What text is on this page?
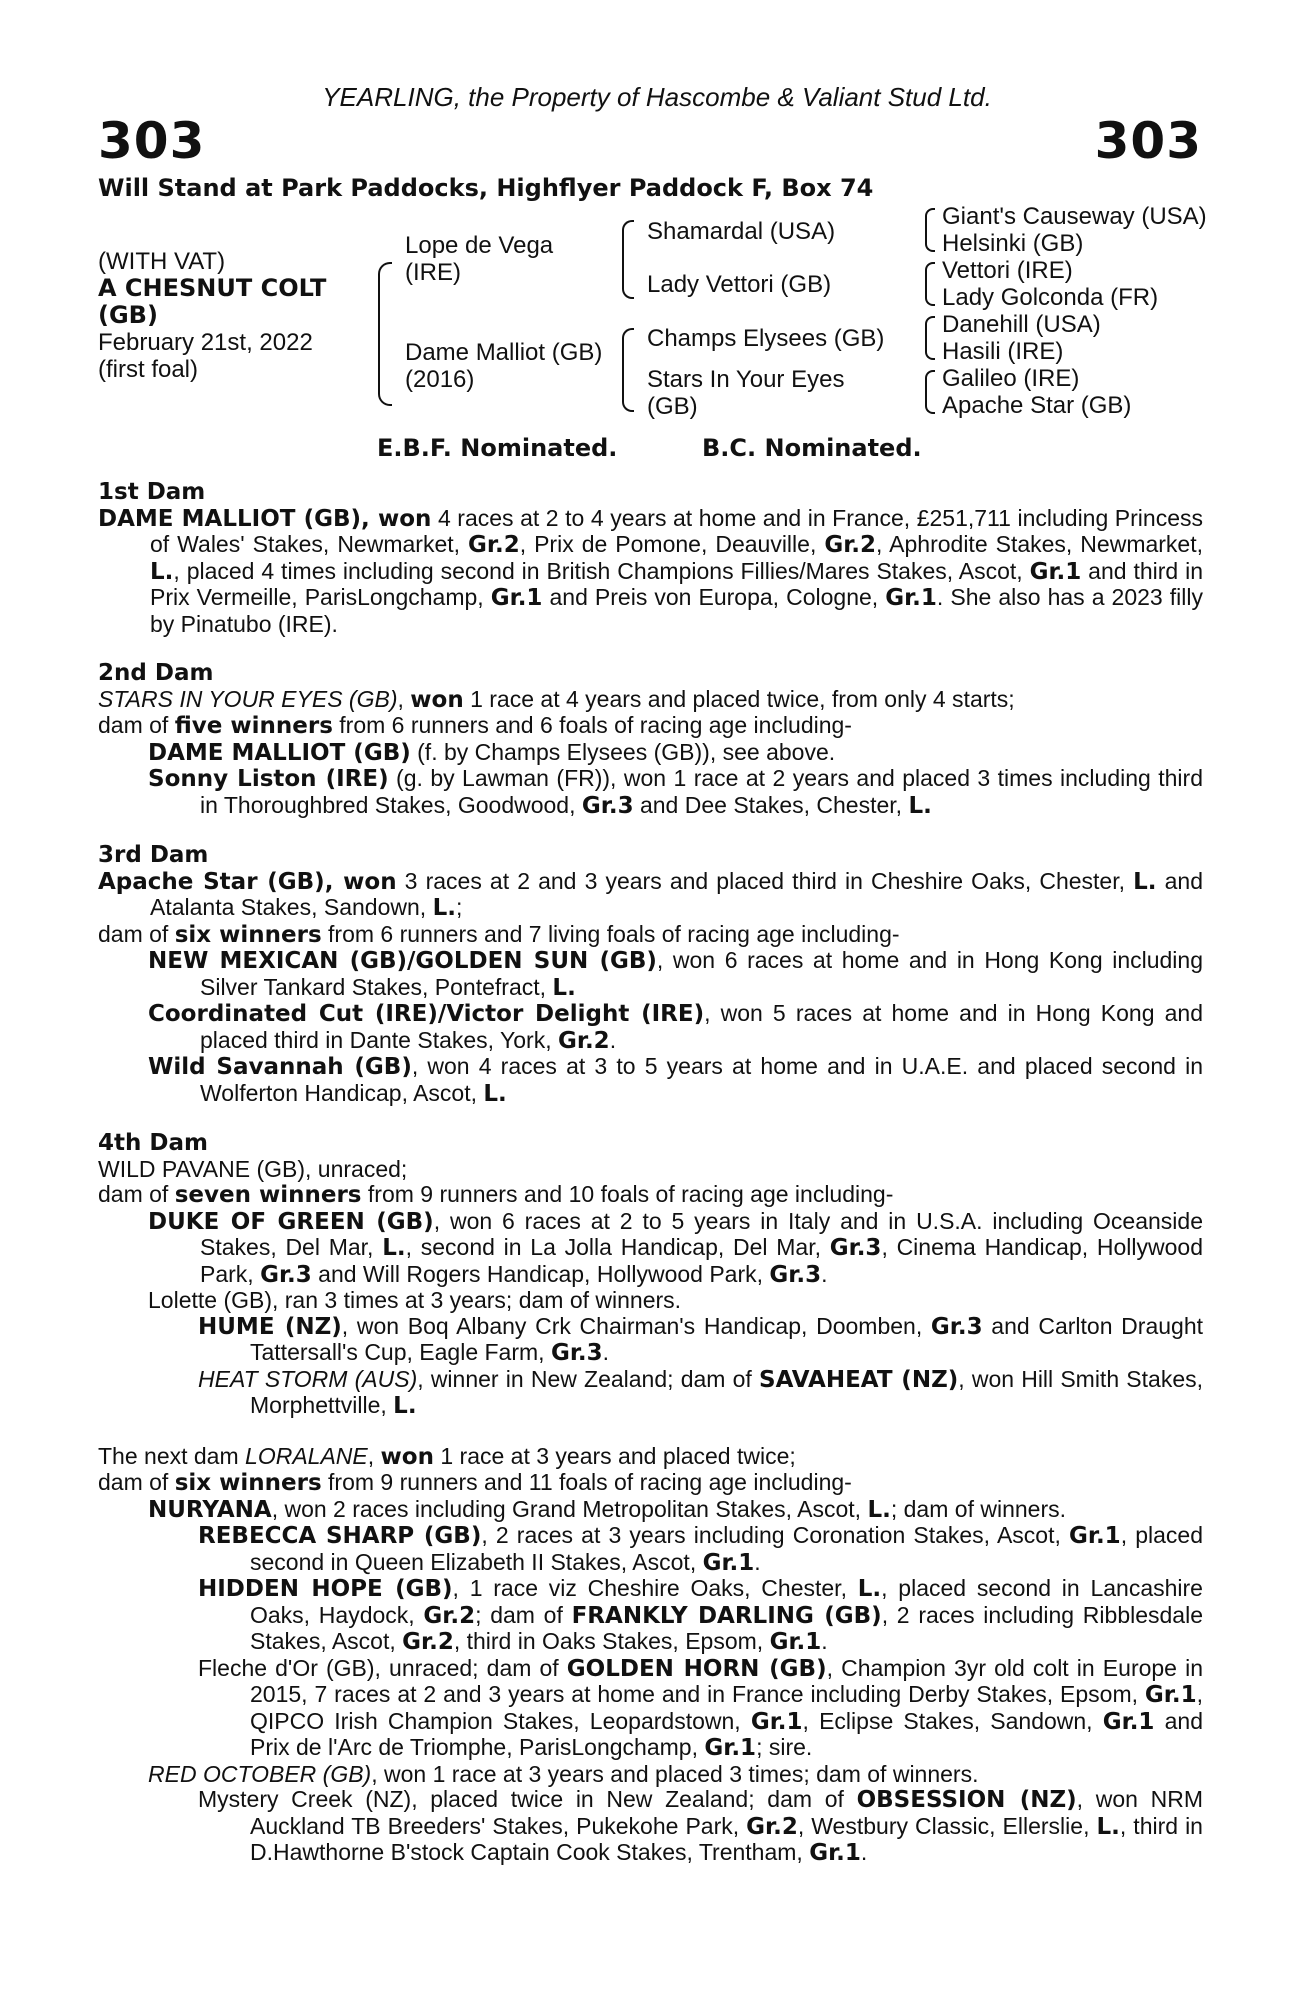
YEARLING, the Property of Hascombe & Valiant Stud Ltd.
303	303
Will Stand at Park Paddocks, Highflyer Paddock F, Box 74
(WITH VAT)
A CHESNUT COLT
(GB)
February 21st, 2022
(first foal)
Lope de Vega
(IRE)
Dame Malliot (GB)
(2016)
Shamardal (USA)
Lady Vettori (GB)
Champs Elysees (GB)
Stars In Your Eyes
(GB)
Giant's Causeway (USA)
Helsinki (GB)
Vettori (IRE)
Lady Golconda (FR)
Danehill (USA)
Hasili (IRE)
Galileo (IRE)
Apache Star (GB)
E.B.F. Nominated.	B.C. Nominated.

1st Dam

DAME MALLIOT (GB), won 4 races at 2 to 4 years at home and in France, £251,711 including Princess of Wales' Stakes, Newmarket, Gr.2, Prix de Pomone, Deauville, Gr.2, Aphrodite Stakes, Newmarket, L., placed 4 times including second in British Champions Fillies/Mares Stakes, Ascot, Gr.1 and third in Prix Vermeille, ParisLongchamp, Gr.1 and Preis von Europa, Cologne, Gr.1. She also has a 2023 filly by Pinatubo (IRE).

2nd Dam

STARS IN YOUR EYES (GB), won 1 race at 4 years and placed twice, from only 4 starts;

dam of five winners from 6 runners and 6 foals of racing age including-

DAME MALLIOT (GB) (f. by Champs Elysees (GB)), see above.

Sonny Liston (IRE) (g. by Lawman (FR)), won 1 race at 2 years and placed 3 times including third in Thoroughbred Stakes, Goodwood, Gr.3 and Dee Stakes, Chester, L.

3rd Dam

Apache Star (GB), won 3 races at 2 and 3 years and placed third in Cheshire Oaks, Chester, L. and Atalanta Stakes, Sandown, L.;

dam of six winners from 6 runners and 7 living foals of racing age including-

NEW MEXICAN (GB)/GOLDEN SUN (GB), won 6 races at home and in Hong Kong including Silver Tankard Stakes, Pontefract, L.

Coordinated Cut (IRE)/Victor Delight (IRE), won 5 races at home and in Hong Kong and placed third in Dante Stakes, York, Gr.2.

Wild Savannah (GB), won 4 races at 3 to 5 years at home and in U.A.E. and placed second in Wolferton Handicap, Ascot, L.

4th Dam

WILD PAVANE (GB), unraced;

dam of seven winners from 9 runners and 10 foals of racing age including-

DUKE OF GREEN (GB), won 6 races at 2 to 5 years in Italy and in U.S.A. including Oceanside Stakes, Del Mar, L., second in La Jolla Handicap, Del Mar, Gr.3, Cinema Handicap, Hollywood Park, Gr.3 and Will Rogers Handicap, Hollywood Park, Gr.3.

Lolette (GB), ran 3 times at 3 years; dam of winners.

HUME (NZ), won Boq Albany Crk Chairman's Handicap, Doomben, Gr.3 and Carlton Draught Tattersall's Cup, Eagle Farm, Gr.3.

HEAT STORM (AUS), winner in New Zealand; dam of SAVAHEAT (NZ), won Hill Smith Stakes, Morphettville, L.

The next dam LORALANE, won 1 race at 3 years and placed twice;

dam of six winners from 9 runners and 11 foals of racing age including-

NURYANA, won 2 races including Grand Metropolitan Stakes, Ascot, L.; dam of winners.

REBECCA SHARP (GB), 2 races at 3 years including Coronation Stakes, Ascot, Gr.1, placed second in Queen Elizabeth II Stakes, Ascot, Gr.1.

HIDDEN HOPE (GB), 1 race viz Cheshire Oaks, Chester, L., placed second in Lancashire Oaks, Haydock, Gr.2; dam of FRANKLY DARLING (GB), 2 races including Ribblesdale Stakes, Ascot, Gr.2, third in Oaks Stakes, Epsom, Gr.1.

Fleche d'Or (GB), unraced; dam of GOLDEN HORN (GB), Champion 3yr old colt in Europe in 2015, 7 races at 2 and 3 years at home and in France including Derby Stakes, Epsom, Gr.1, QIPCO Irish Champion Stakes, Leopardstown, Gr.1, Eclipse Stakes, Sandown, Gr.1 and Prix de l'Arc de Triomphe, ParisLongchamp, Gr.1; sire.

RED OCTOBER (GB), won 1 race at 3 years and placed 3 times; dam of winners.

Mystery Creek (NZ), placed twice in New Zealand; dam of OBSESSION (NZ), won NRM Auckland TB Breeders' Stakes, Pukekohe Park, Gr.2, Westbury Classic, Ellerslie, L., third in D.Hawthorne B'stock Captain Cook Stakes, Trentham, Gr.1.
